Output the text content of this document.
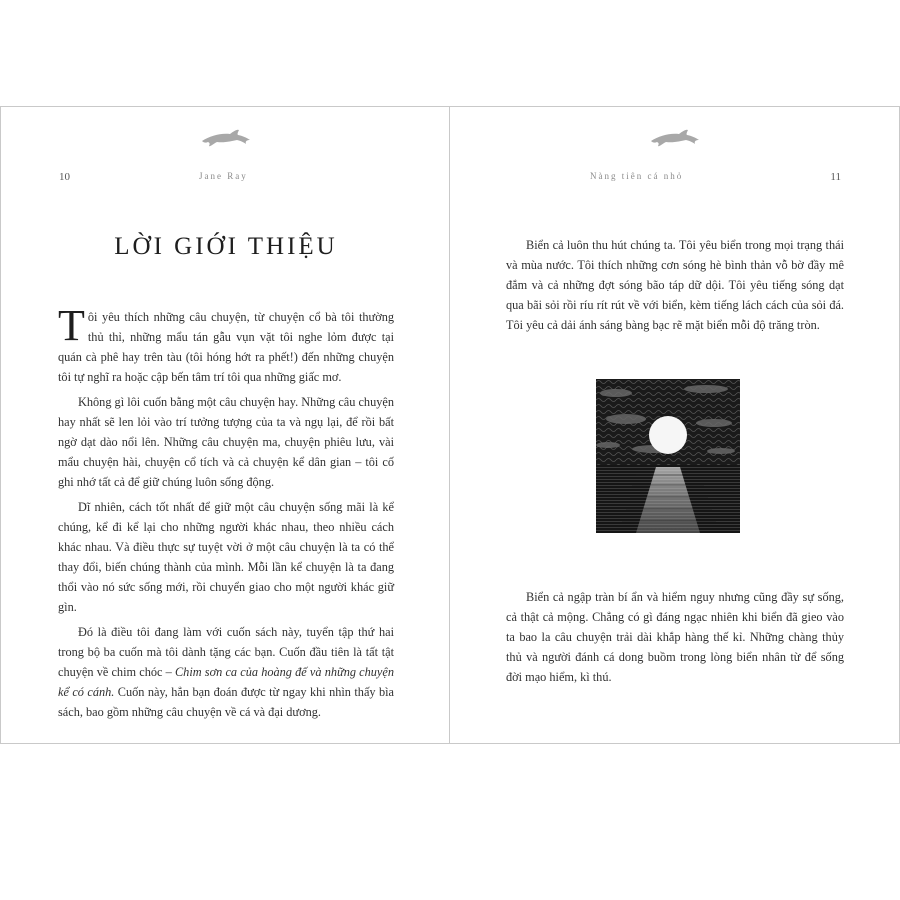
10	Jane Ray
LỜI GIỚI THIỆU

Tôi yêu thích những câu chuyện, từ chuyện cổ bà tôi thường thủ thỉ, những mẩu tán gẫu vụn vặt tôi nghe lỏm được tại quán cà phê hay trên tàu (tôi hóng hớt ra phết!) đến những chuyện tôi tự nghĩ ra hoặc cập bến tâm trí tôi qua những giấc mơ.

Không gì lôi cuốn bằng một câu chuyện hay. Những câu chuyện hay nhất sẽ len lỏi vào trí tưởng tượng của ta và ngụ lại, để rồi bất ngờ dạt dào nổi lên. Những câu chuyện ma, chuyện phiêu lưu, vài mẩu chuyện hài, chuyện cổ tích và cả chuyện kể dân gian – tôi cố ghi nhớ tất cả để giữ chúng luôn sống động.

Dĩ nhiên, cách tốt nhất để giữ một câu chuyện sống mãi là kể chúng, kể đi kể lại cho những người khác nhau, theo nhiều cách khác nhau. Và điều thực sự tuyệt vời ở một câu chuyện là ta có thể thay đổi, biến chúng thành của mình. Mỗi lần kể chuyện là ta đang thổi vào nó sức sống mới, rồi chuyển giao cho một người khác giữ gìn.

Đó là điều tôi đang làm với cuốn sách này, tuyển tập thứ hai trong bộ ba cuốn mà tôi dành tặng các bạn. Cuốn đầu tiên là tất tật chuyện về chim chóc – Chim sơn ca của hoàng đế và những chuyện kể có cánh. Cuốn này, hẳn bạn đoán được từ ngay khi nhìn thấy bìa sách, bao gồm những câu chuyện về cá và đại dương.

Nàng tiên cá nhỏ	11

Biển cả luôn thu hút chúng ta. Tôi yêu biển trong mọi trạng thái và mùa nước. Tôi thích những cơn sóng hè bình thản vỗ bờ đầy mê đắm và cả những đợt sóng bão táp dữ dội. Tôi yêu tiếng sóng dạt qua bãi sỏi rồi ríu rít rút về với biển, kèm tiếng lách cách của sỏi đá. Tôi yêu cả dải ánh sáng bàng bạc rẽ mặt biển mỗi độ trăng tròn.

Biển cả ngập tràn bí ẩn và hiểm nguy nhưng cũng đầy sự sống, cả thật cả mộng. Chẳng có gì đáng ngạc nhiên khi biển đã gieo vào ta bao la câu chuyện trải dài khắp hàng thế kỉ. Những chàng thủy thủ và người đánh cá dong buồm trong lòng biển nhân từ để sống đời mạo hiểm, kì thú.
